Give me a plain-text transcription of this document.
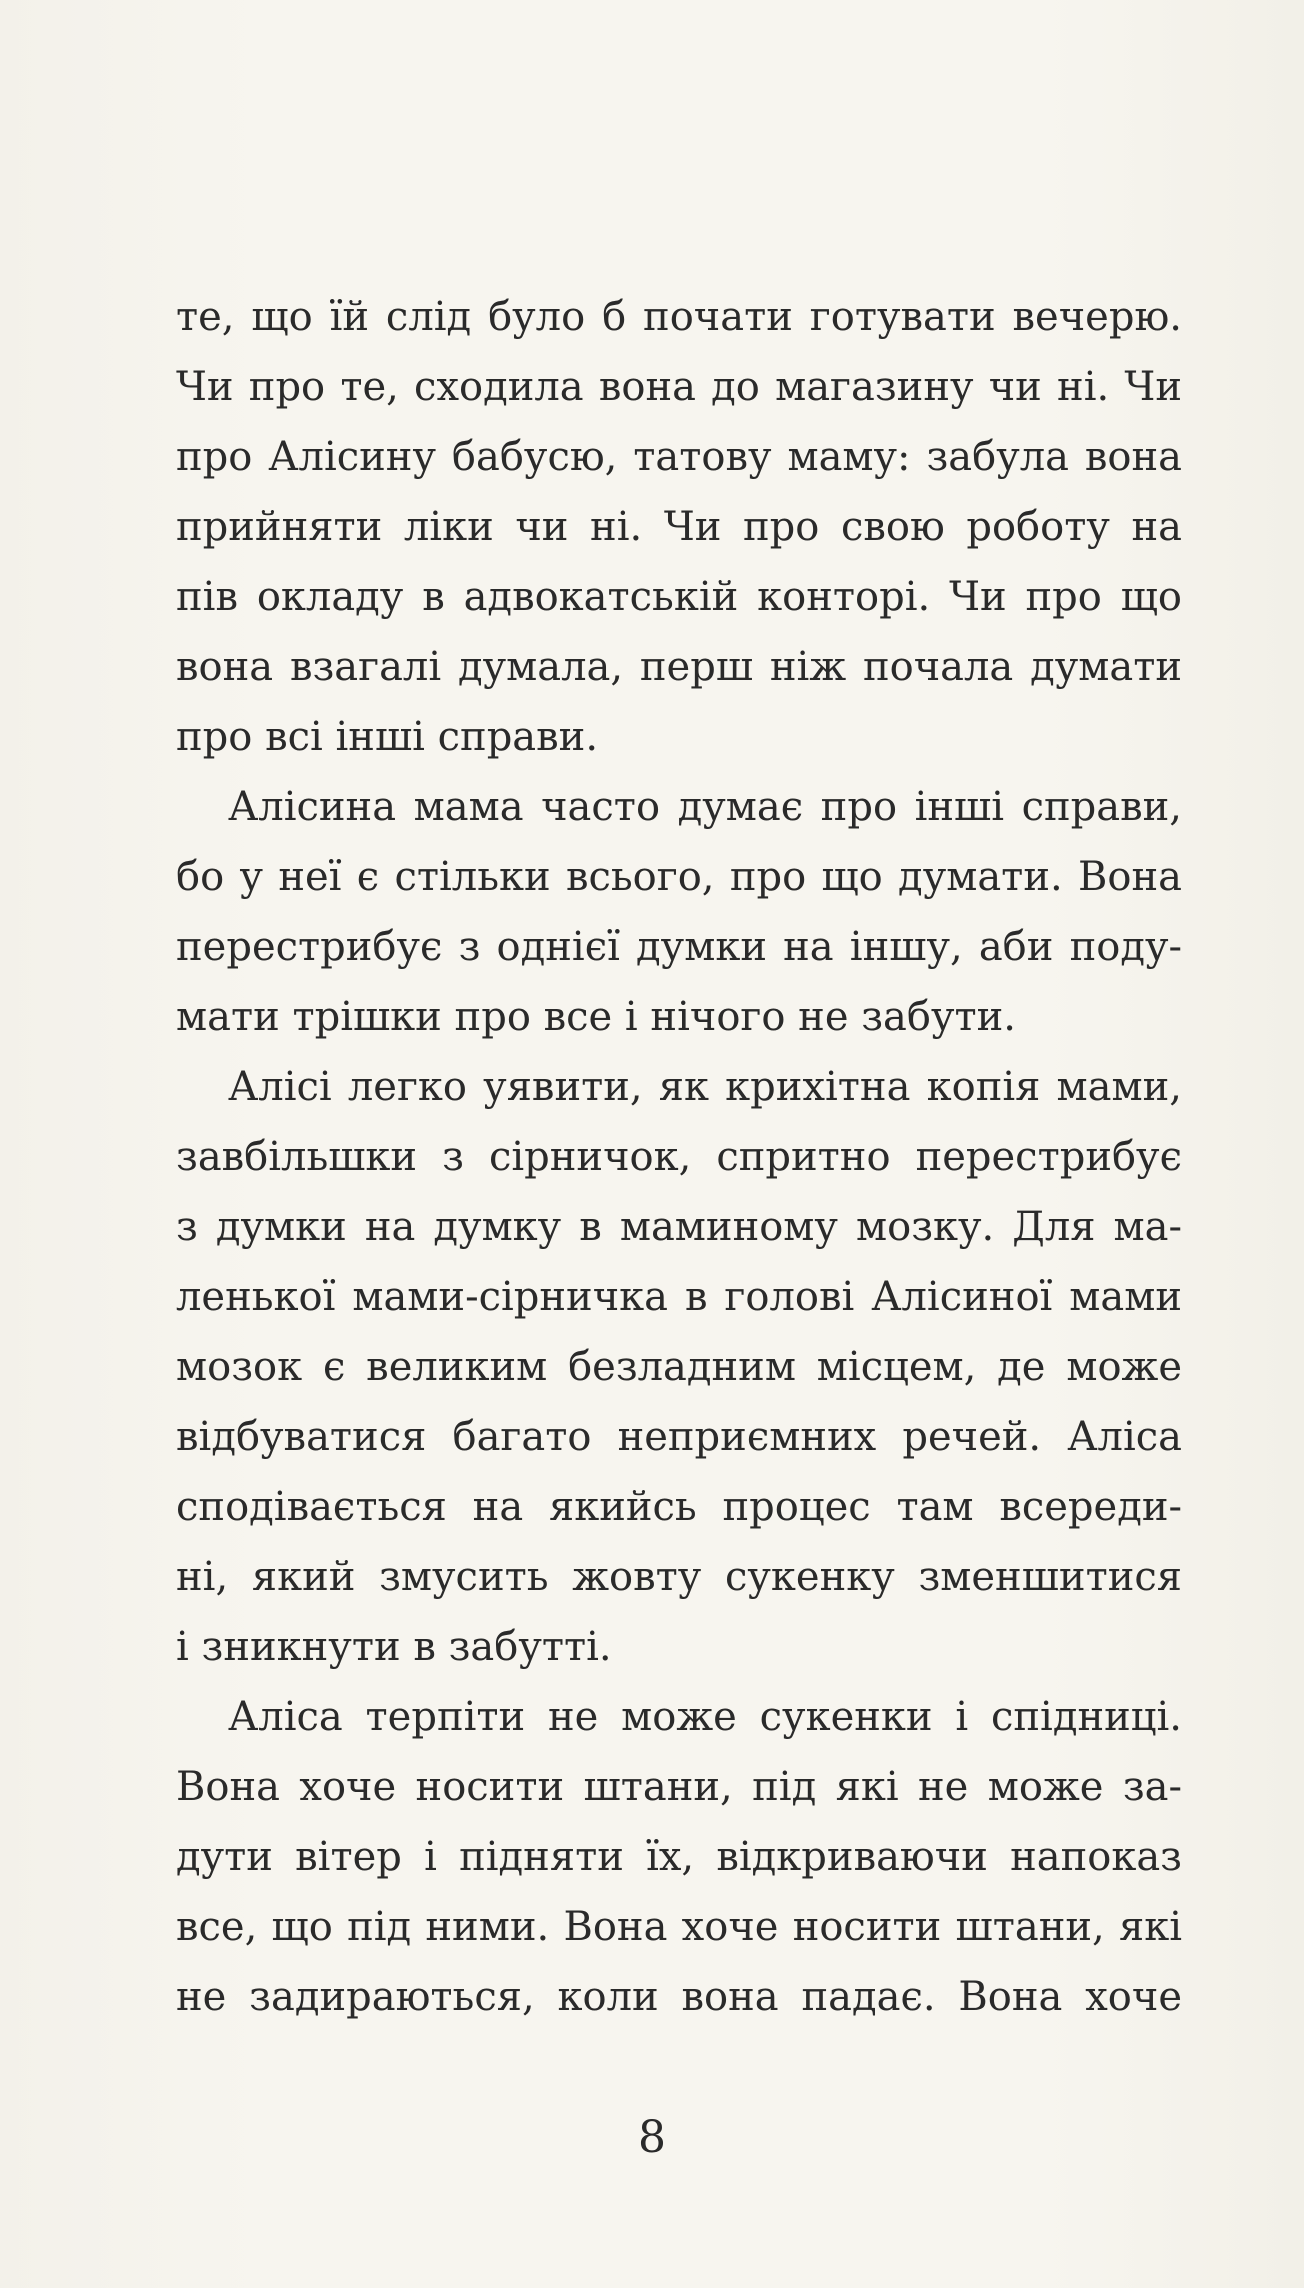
те, що їй слід було б почати готувати вечерю.
Чи про те, сходила вона до магазину чи ні. Чи
про Алісину бабусю, татову маму: забула вона
прийняти ліки чи ні. Чи про свою роботу на
пів окладу в адвокатській конторі. Чи про що
вона взагалі думала, перш ніж почала думати
про всі інші справи.
Алісина мама часто думає про інші справи,
бо у неї є стільки всього, про що думати. Вона
перестрибує з однієї думки на іншу, аби поду-
мати трішки про все і нічого не забути.
Алісі легко уявити, як крихітна копія мами,
завбільшки з сірничок, спритно перестрибує
з думки на думку в маминому мозку. Для ма-
ленької мами-сірничка в голові Алісиної мами
мозок є великим безладним місцем, де може
відбуватися багато неприємних речей. Аліса
сподівається на якийсь процес там всереди-
ні, який змусить жовту сукенку зменшитися
і зникнути в забутті.
Аліса терпіти не може сукенки і спідниці.
Вона хоче носити штани, під які не може за-
дути вітер і підняти їх, відкриваючи напоказ
все, що під ними. Вона хоче носити штани, які
не задираються, коли вона падає. Вона хоче
8
